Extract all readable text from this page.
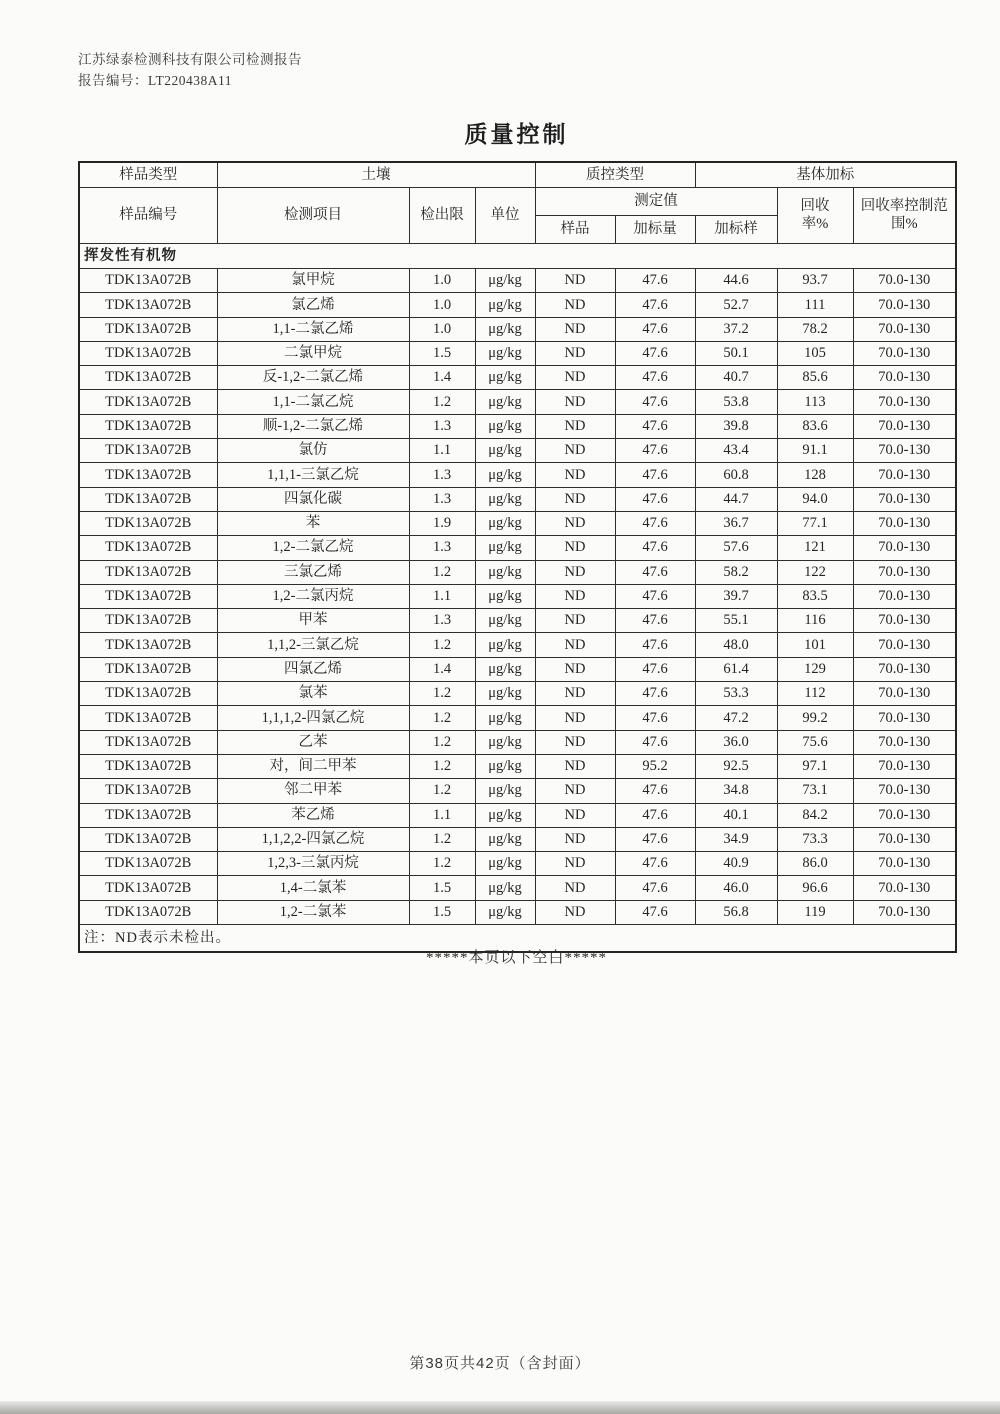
江苏绿泰检测科技有限公司检测报告
报告编号：LT220438A11
质量控制
样品类型	土壤			质控类型		基体加标		
样品编号	检测项目	检出限	单位	测定值			回收率%	回收率控制范围%
				样品	加标量	加标样		
挥发性有机物								
TDK13A072B	氯甲烷	1.0	μg/kg	ND	47.6	44.6	93.7	70.0-130
TDK13A072B	氯乙烯	1.0	μg/kg	ND	47.6	52.7	111	70.0-130
TDK13A072B	1,1-二氯乙烯	1.0	μg/kg	ND	47.6	37.2	78.2	70.0-130
TDK13A072B	二氯甲烷	1.5	μg/kg	ND	47.6	50.1	105	70.0-130
TDK13A072B	反-1,2-二氯乙烯	1.4	μg/kg	ND	47.6	40.7	85.6	70.0-130
TDK13A072B	1,1-二氯乙烷	1.2	μg/kg	ND	47.6	53.8	113	70.0-130
TDK13A072B	顺-1,2-二氯乙烯	1.3	μg/kg	ND	47.6	39.8	83.6	70.0-130
TDK13A072B	氯仿	1.1	μg/kg	ND	47.6	43.4	91.1	70.0-130
TDK13A072B	1,1,1-三氯乙烷	1.3	μg/kg	ND	47.6	60.8	128	70.0-130
TDK13A072B	四氯化碳	1.3	μg/kg	ND	47.6	44.7	94.0	70.0-130
TDK13A072B	苯	1.9	μg/kg	ND	47.6	36.7	77.1	70.0-130
TDK13A072B	1,2-二氯乙烷	1.3	μg/kg	ND	47.6	57.6	121	70.0-130
TDK13A072B	三氯乙烯	1.2	μg/kg	ND	47.6	58.2	122	70.0-130
TDK13A072B	1,2-二氯丙烷	1.1	μg/kg	ND	47.6	39.7	83.5	70.0-130
TDK13A072B	甲苯	1.3	μg/kg	ND	47.6	55.1	116	70.0-130
TDK13A072B	1,1,2-三氯乙烷	1.2	μg/kg	ND	47.6	48.0	101	70.0-130
TDK13A072B	四氯乙烯	1.4	μg/kg	ND	47.6	61.4	129	70.0-130
TDK13A072B	氯苯	1.2	μg/kg	ND	47.6	53.3	112	70.0-130
TDK13A072B	1,1,1,2-四氯乙烷	1.2	μg/kg	ND	47.6	47.2	99.2	70.0-130
TDK13A072B	乙苯	1.2	μg/kg	ND	47.6	36.0	75.6	70.0-130
TDK13A072B	对，间二甲苯	1.2	μg/kg	ND	95.2	92.5	97.1	70.0-130
TDK13A072B	邻二甲苯	1.2	μg/kg	ND	47.6	34.8	73.1	70.0-130
TDK13A072B	苯乙烯	1.1	μg/kg	ND	47.6	40.1	84.2	70.0-130
TDK13A072B	1,1,2,2-四氯乙烷	1.2	μg/kg	ND	47.6	34.9	73.3	70.0-130
TDK13A072B	1,2,3-三氯丙烷	1.2	μg/kg	ND	47.6	40.9	86.0	70.0-130
TDK13A072B	1,4-二氯苯	1.5	μg/kg	ND	47.6	46.0	96.6	70.0-130
TDK13A072B	1,2-二氯苯	1.5	μg/kg	ND	47.6	56.8	119	70.0-130
注：ND表示未检出。								
*****本页以下空白*****
第38页共42页（含封面）
